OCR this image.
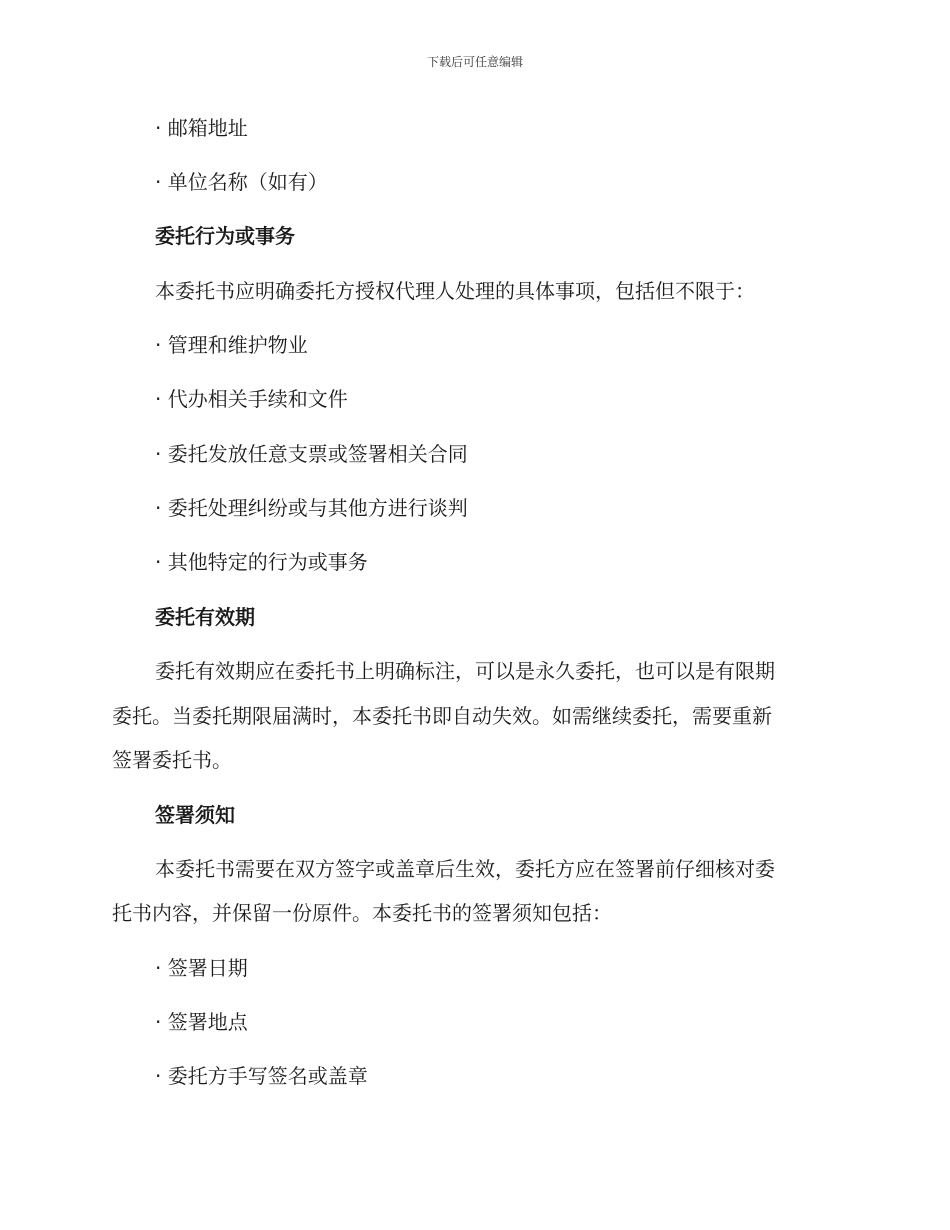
下载后可任意编辑
· 邮箱地址
· 单位名称（如有）
委托行为或事务
本委托书应明确委托方授权代理人处理的具体事项，包括但不限于：
· 管理和维护物业
· 代办相关手续和文件
· 委托发放任意支票或签署相关合同
· 委托处理纠纷或与其他方进行谈判
· 其他特定的行为或事务
委托有效期
委托有效期应在委托书上明确标注，可以是永久委托，也可以是有限期
委托。当委托期限届满时，本委托书即自动失效。如需继续委托，需要重新
签署委托书。
签署须知
本委托书需要在双方签字或盖章后生效，委托方应在签署前仔细核对委
托书内容，并保留一份原件。本委托书的签署须知包括：
· 签署日期
· 签署地点
· 委托方手写签名或盖章
